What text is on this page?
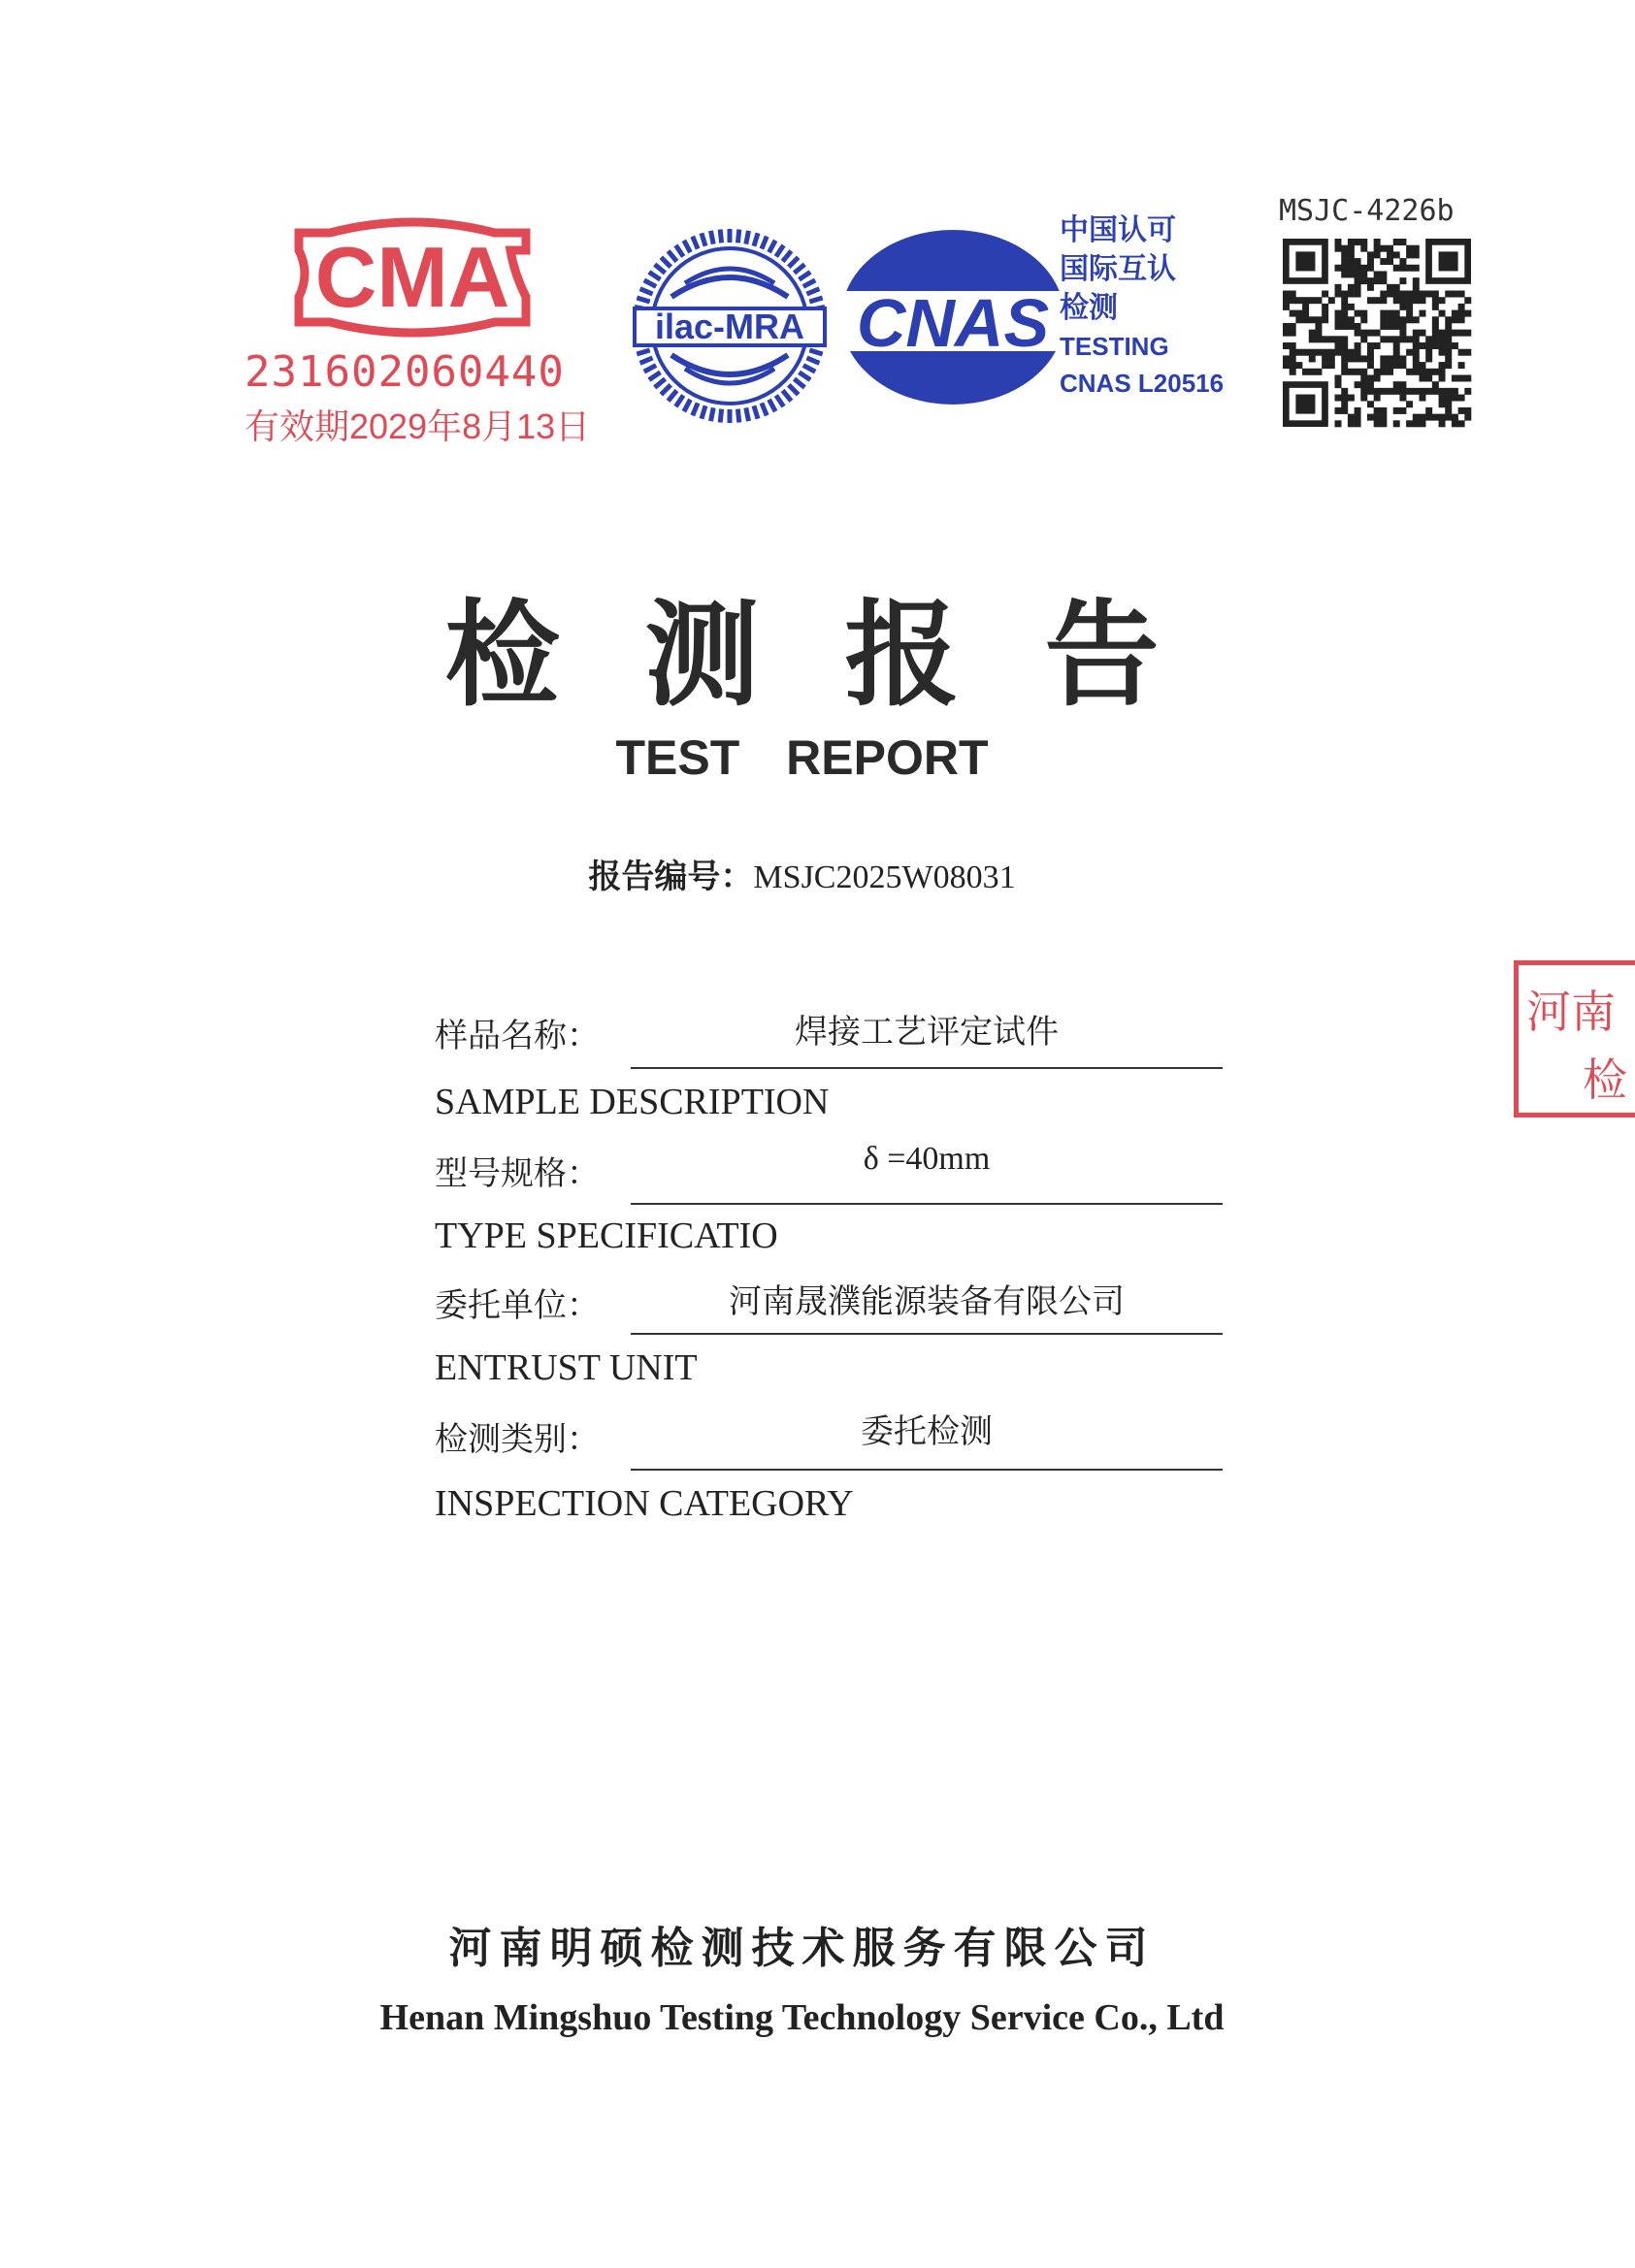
CMA
231602060440
有效期2029年8月13日
ilac-MRA CNAS
中国认可
国际互认
检测
TESTING
CNAS L20516
MSJC-4226b
河南
检
检测报告
TEST REPORT
报告编号：MSJC2025W08031
样品名称：	焊接工艺评定试件
SAMPLE DESCRIPTION
型号规格：	δ =40mm
TYPE SPECIFICATIO
委托单位：	河南晟濮能源装备有限公司
ENTRUST UNIT
检测类别：	委托检测
INSPECTION CATEGORY
河南明硕检测技术服务有限公司
Henan Mingshuo Testing Technology Service Co., Ltd
